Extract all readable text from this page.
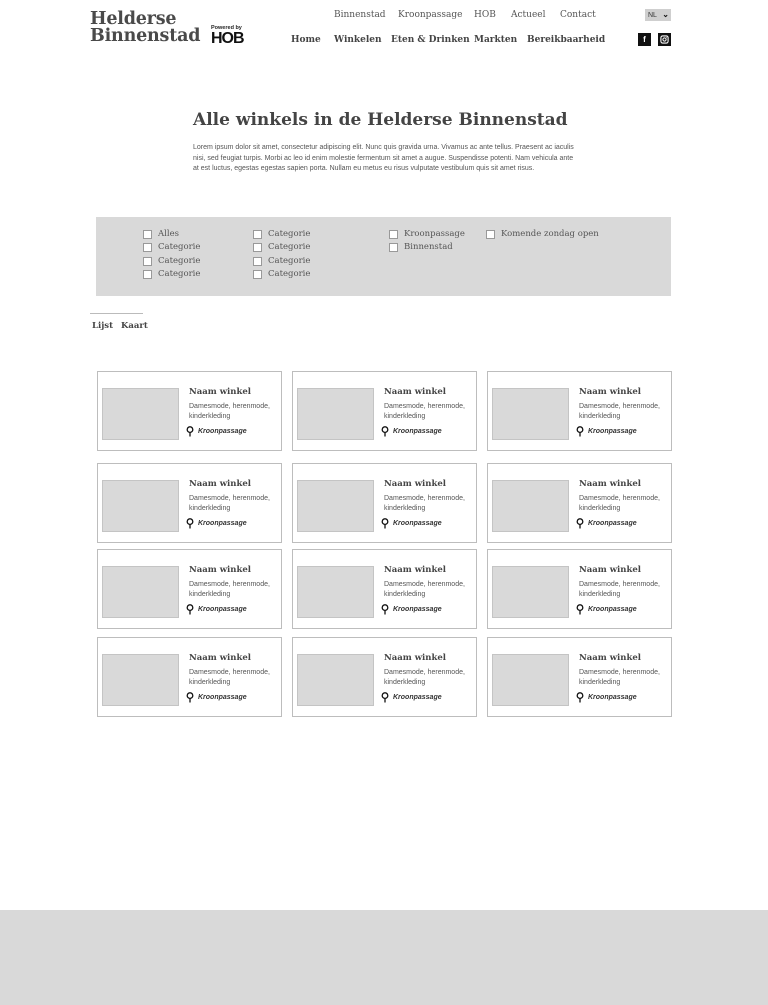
Helderse
Binnenstad Powered by
HOB
Binnenstad Kroonpassage HOB Actueel Contact	NL ⌄
Home Winkelen Eten & Drinken Markten Bereikbaarheid	f
Alle winkels in de Helderse Binnenstad

Lorem ipsum dolor sit amet, consectetur adipiscing elit. Nunc quis gravida urna. Vivamus ac ante tellus. Praesent ac iaculis nisi, sed feugiat turpis. Morbi ac leo id enim molestie fermentum sit amet a augue. Suspendisse potenti. Nam vehicula ante at est luctus, egestas egestas sapien porta. Nullam eu metus eu risus vulputate vestibulum quis sit amet risus.

Alles
Categorie
Categorie
Categorie
Categorie
Categorie
Categorie
Categorie
Kroonpassage
Binnenstad
Komende zondag open
Lijst Kaart
Naam winkel
Damesmode, herenmode, kinderkleding
Kroonpassage
Naam winkel
Damesmode, herenmode, kinderkleding
Kroonpassage
Naam winkel
Damesmode, herenmode, kinderkleding
Kroonpassage
Naam winkel
Damesmode, herenmode, kinderkleding
Kroonpassage
Naam winkel
Damesmode, herenmode, kinderkleding
Kroonpassage
Naam winkel
Damesmode, herenmode, kinderkleding
Kroonpassage
Naam winkel
Damesmode, herenmode, kinderkleding
Kroonpassage
Naam winkel
Damesmode, herenmode, kinderkleding
Kroonpassage
Naam winkel
Damesmode, herenmode, kinderkleding
Kroonpassage
Naam winkel
Damesmode, herenmode, kinderkleding
Kroonpassage
Naam winkel
Damesmode, herenmode, kinderkleding
Kroonpassage
Naam winkel
Damesmode, herenmode, kinderkleding
Kroonpassage
